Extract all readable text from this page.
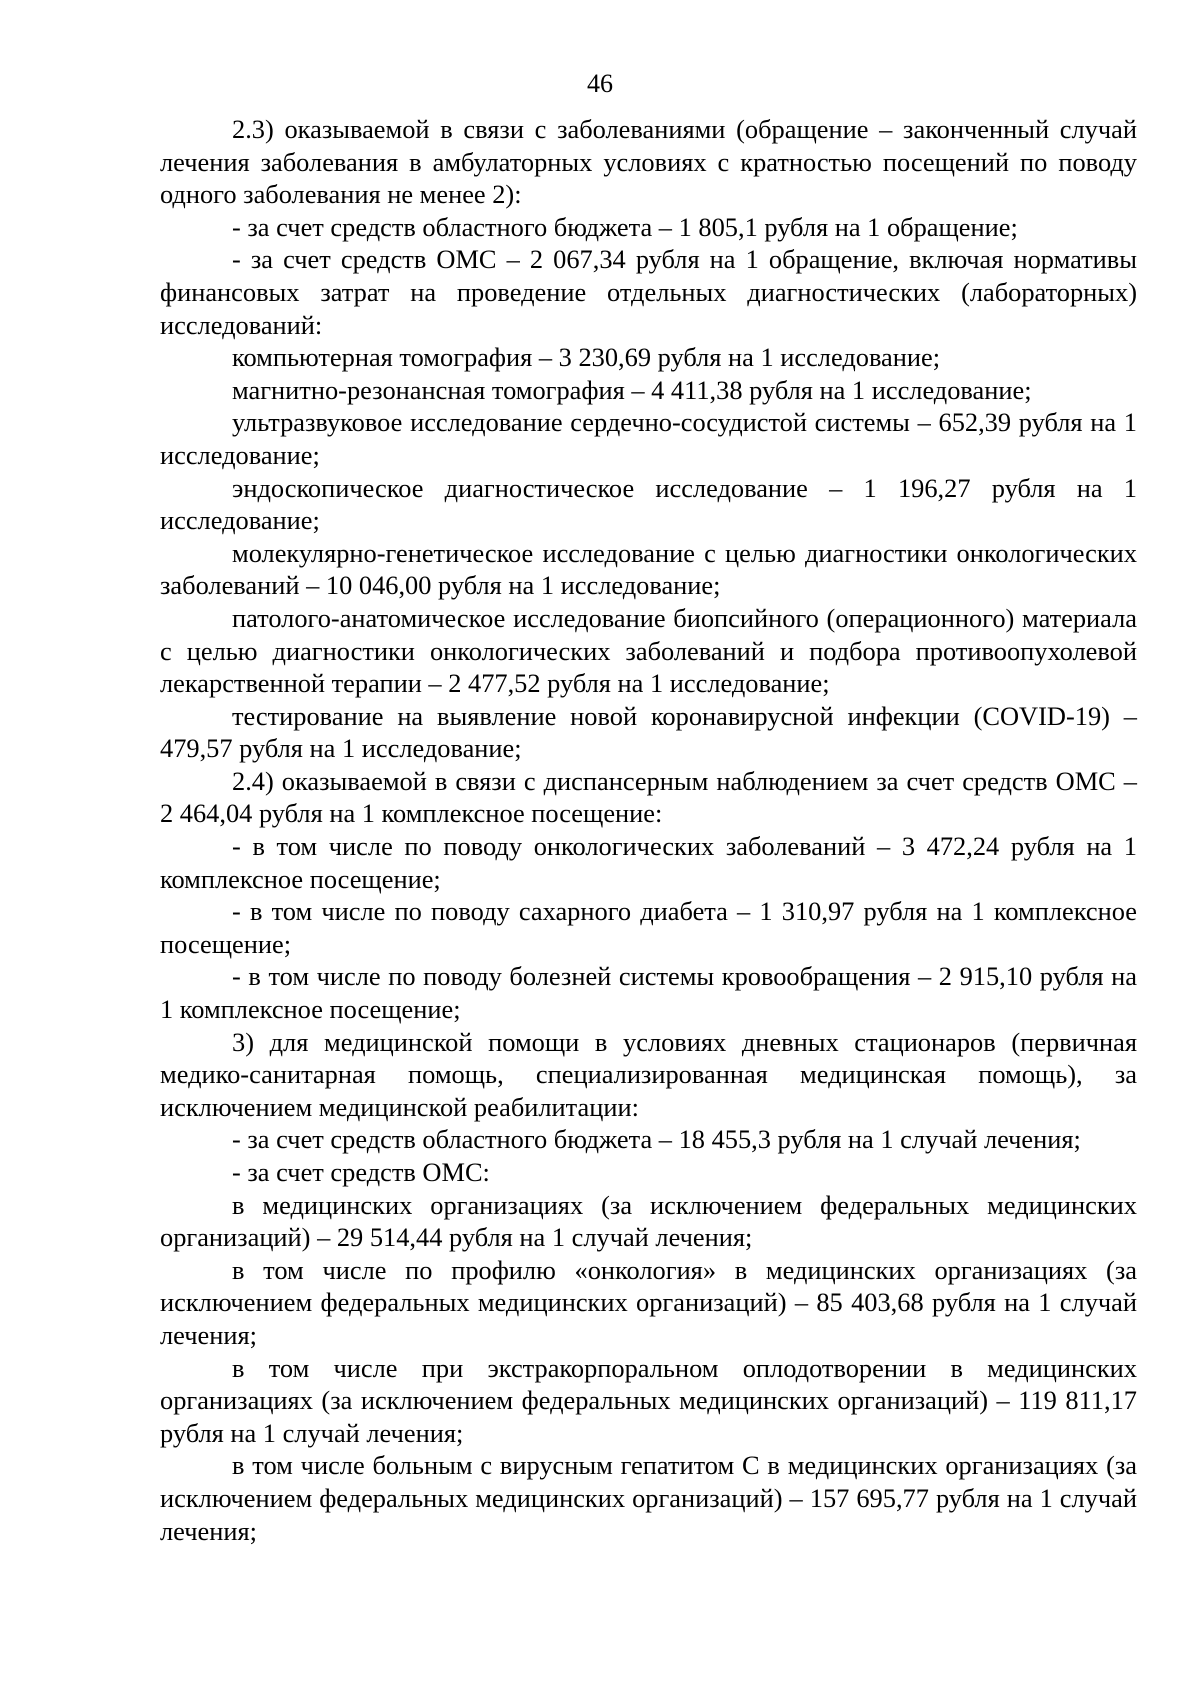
46

2.3) оказываемой в связи с заболеваниями (обращение – законченный случай лечения заболевания в амбулаторных условиях с кратностью посещений по поводу одного заболевания не менее 2):

- за счет средств областного бюджета – 1 805,1 рубля на 1 обращение;

- за счет средств ОМС – 2 067,34 рубля на 1 обращение, включая нормативы финансовых затрат на проведение отдельных диагностических (лабораторных) исследований:

компьютерная томография – 3 230,69 рубля на 1 исследование;

магнитно-резонансная томография – 4 411,38 рубля на 1 исследование;

ультразвуковое исследование сердечно-сосудистой системы – 652,39 рубля на 1 исследование;

эндоскопическое диагностическое исследование – 1 196,27 рубля на 1 исследование;

молекулярно-генетическое исследование с целью диагностики онкологических заболеваний – 10 046,00 рубля на 1 исследование;

патолого-анатомическое исследование биопсийного (операционного) материала с целью диагностики онкологических заболеваний и подбора противоопухолевой лекарственной терапии – 2 477,52 рубля на 1 исследование;

тестирование на выявление новой коронавирусной инфекции (COVID-19) – 479,57 рубля на 1 исследование;

2.4) оказываемой в связи с диспансерным наблюдением за счет средств ОМС – 2 464,04 рубля на 1 комплексное посещение:

- в том числе по поводу онкологических заболеваний – 3 472,24 рубля на 1 комплексное посещение;

- в том числе по поводу сахарного диабета – 1 310,97 рубля на 1 комплексное посещение;

- в том числе по поводу болезней системы кровообращения – 2 915,10 рубля на 1 комплексное посещение;

3) для медицинской помощи в условиях дневных стационаров (первичная медико-санитарная помощь, специализированная медицинская помощь), за исключением медицинской реабилитации:

- за счет средств областного бюджета – 18 455,3 рубля на 1 случай лечения;

- за счет средств ОМС:

в медицинских организациях (за исключением федеральных медицинских организаций) – 29 514,44 рубля на 1 случай лечения;

в том числе по профилю «онкология» в медицинских организациях (за исключением федеральных медицинских организаций) – 85 403,68 рубля на 1 случай лечения;

в том числе при экстракорпоральном оплодотворении в медицинских организациях (за исключением федеральных медицинских организаций) – 119 811,17 рубля на 1 случай лечения;

в том числе больным с вирусным гепатитом С в медицинских организациях (за исключением федеральных медицинских организаций) – 157 695,77 рубля на 1 случай лечения;
